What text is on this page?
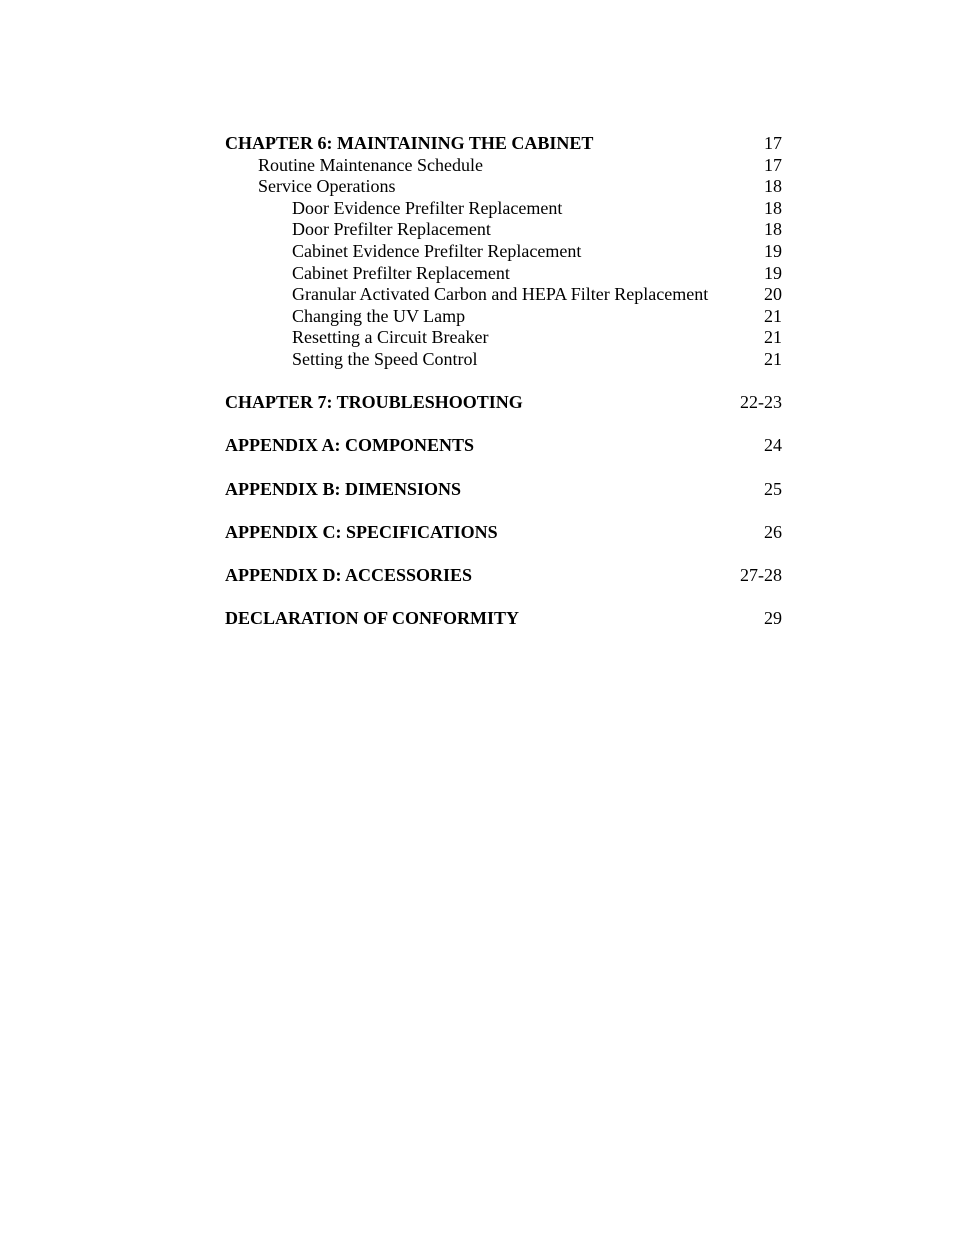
CHAPTER 6: MAINTAINING THE CABINET	17
Routine Maintenance Schedule	17
Service Operations	18
Door Evidence Prefilter Replacement	18
Door Prefilter Replacement	18
Cabinet Evidence Prefilter Replacement	19
Cabinet Prefilter Replacement	19
Granular Activated Carbon and HEPA Filter Replacement	20
Changing the UV Lamp	21
Resetting a Circuit Breaker	21
Setting the Speed Control	21
CHAPTER 7: TROUBLESHOOTING	22-23
APPENDIX A: COMPONENTS	24
APPENDIX B: DIMENSIONS	25
APPENDIX C: SPECIFICATIONS	26
APPENDIX D: ACCESSORIES	27-28
DECLARATION OF CONFORMITY	29
